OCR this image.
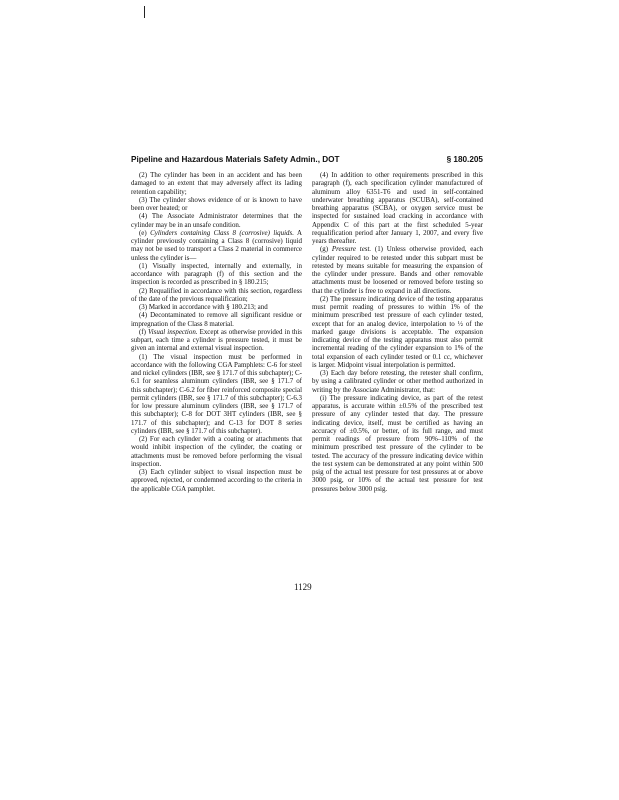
Pipeline and Hazardous Materials Safety Admin., DOT	§ 180.205

(2) The cylinder has been in an accident and has been damaged to an extent that may adversely affect its lading retention capability;

(3) The cylinder shows evidence of or is known to have been over heated; or

(4) The Associate Administrator determines that the cylinder may be in an unsafe condition.

(e) Cylinders containing Class 8 (corrosive) liquids. A cylinder previously containing a Class 8 (corrosive) liquid may not be used to transport a Class 2 material in commerce unless the cylinder is—

(1) Visually inspected, internally and externally, in accordance with paragraph (f) of this section and the inspection is recorded as prescribed in § 180.215;

(2) Requalified in accordance with this section, regardless of the date of the previous requalification;

(3) Marked in accordance with § 180.213; and

(4) Decontaminated to remove all significant residue or impregnation of the Class 8 material.

(f) Visual inspection. Except as otherwise provided in this subpart, each time a cylinder is pressure tested, it must be given an internal and external visual inspection.

(1) The visual inspection must be performed in accordance with the following CGA Pamphlets: C-6 for steel and nickel cylinders (IBR, see § 171.7 of this subchapter); C-6.1 for seamless aluminum cylinders (IBR, see § 171.7 of this subchapter); C-6.2 for fiber reinforced composite special permit cylinders (IBR, see § 171.7 of this subchapter); C-6.3 for low pressure aluminum cylinders (IBR, see § 171.7 of this subchapter); C-8 for DOT 3HT cylinders (IBR, see § 171.7 of this subchapter); and C-13 for DOT 8 series cylinders (IBR, see § 171.7 of this subchapter).

(2) For each cylinder with a coating or attachments that would inhibit inspection of the cylinder, the coating or attachments must be removed before performing the visual inspection.

(3) Each cylinder subject to visual inspection must be approved, rejected, or condemned according to the criteria in the applicable CGA pamphlet.

(4) In addition to other requirements prescribed in this paragraph (f), each specification cylinder manufactured of aluminum alloy 6351-T6 and used in self-contained underwater breathing apparatus (SCUBA), self-contained breathing apparatus (SCBA), or oxygen service must be inspected for sustained load cracking in accordance with Appendix C of this part at the first scheduled 5-year requalification period after January 1, 2007, and every five years thereafter.

(g) Pressure test. (1) Unless otherwise provided, each cylinder required to be retested under this subpart must be retested by means suitable for measuring the expansion of the cylinder under pressure. Bands and other removable attachments must be loosened or removed before testing so that the cylinder is free to expand in all directions.

(2) The pressure indicating device of the testing apparatus must permit reading of pressures to within 1% of the minimum prescribed test pressure of each cylinder tested, except that for an analog device, interpolation to ½ of the marked gauge divisions is acceptable. The expansion indicating device of the testing apparatus must also permit incremental reading of the cylinder expansion to 1% of the total expansion of each cylinder tested or 0.1 cc, whichever is larger. Midpoint visual interpolation is permitted.

(3) Each day before retesting, the retester shall confirm, by using a calibrated cylinder or other method authorized in writing by the Associate Administrator, that:

(i) The pressure indicating device, as part of the retest apparatus, is accurate within ±0.5% of the prescribed test pressure of any cylinder tested that day. The pressure indicating device, itself, must be certified as having an accuracy of ±0.5%, or better, of its full range, and must permit readings of pressure from 90%–110% of the minimum prescribed test pressure of the cylinder to be tested. The accuracy of the pressure indicating device within the test system can be demonstrated at any point within 500 psig of the actual test pressure for test pressures at or above 3000 psig, or 10% of the actual test pressure for test pressures below 3000 psig.

1129
